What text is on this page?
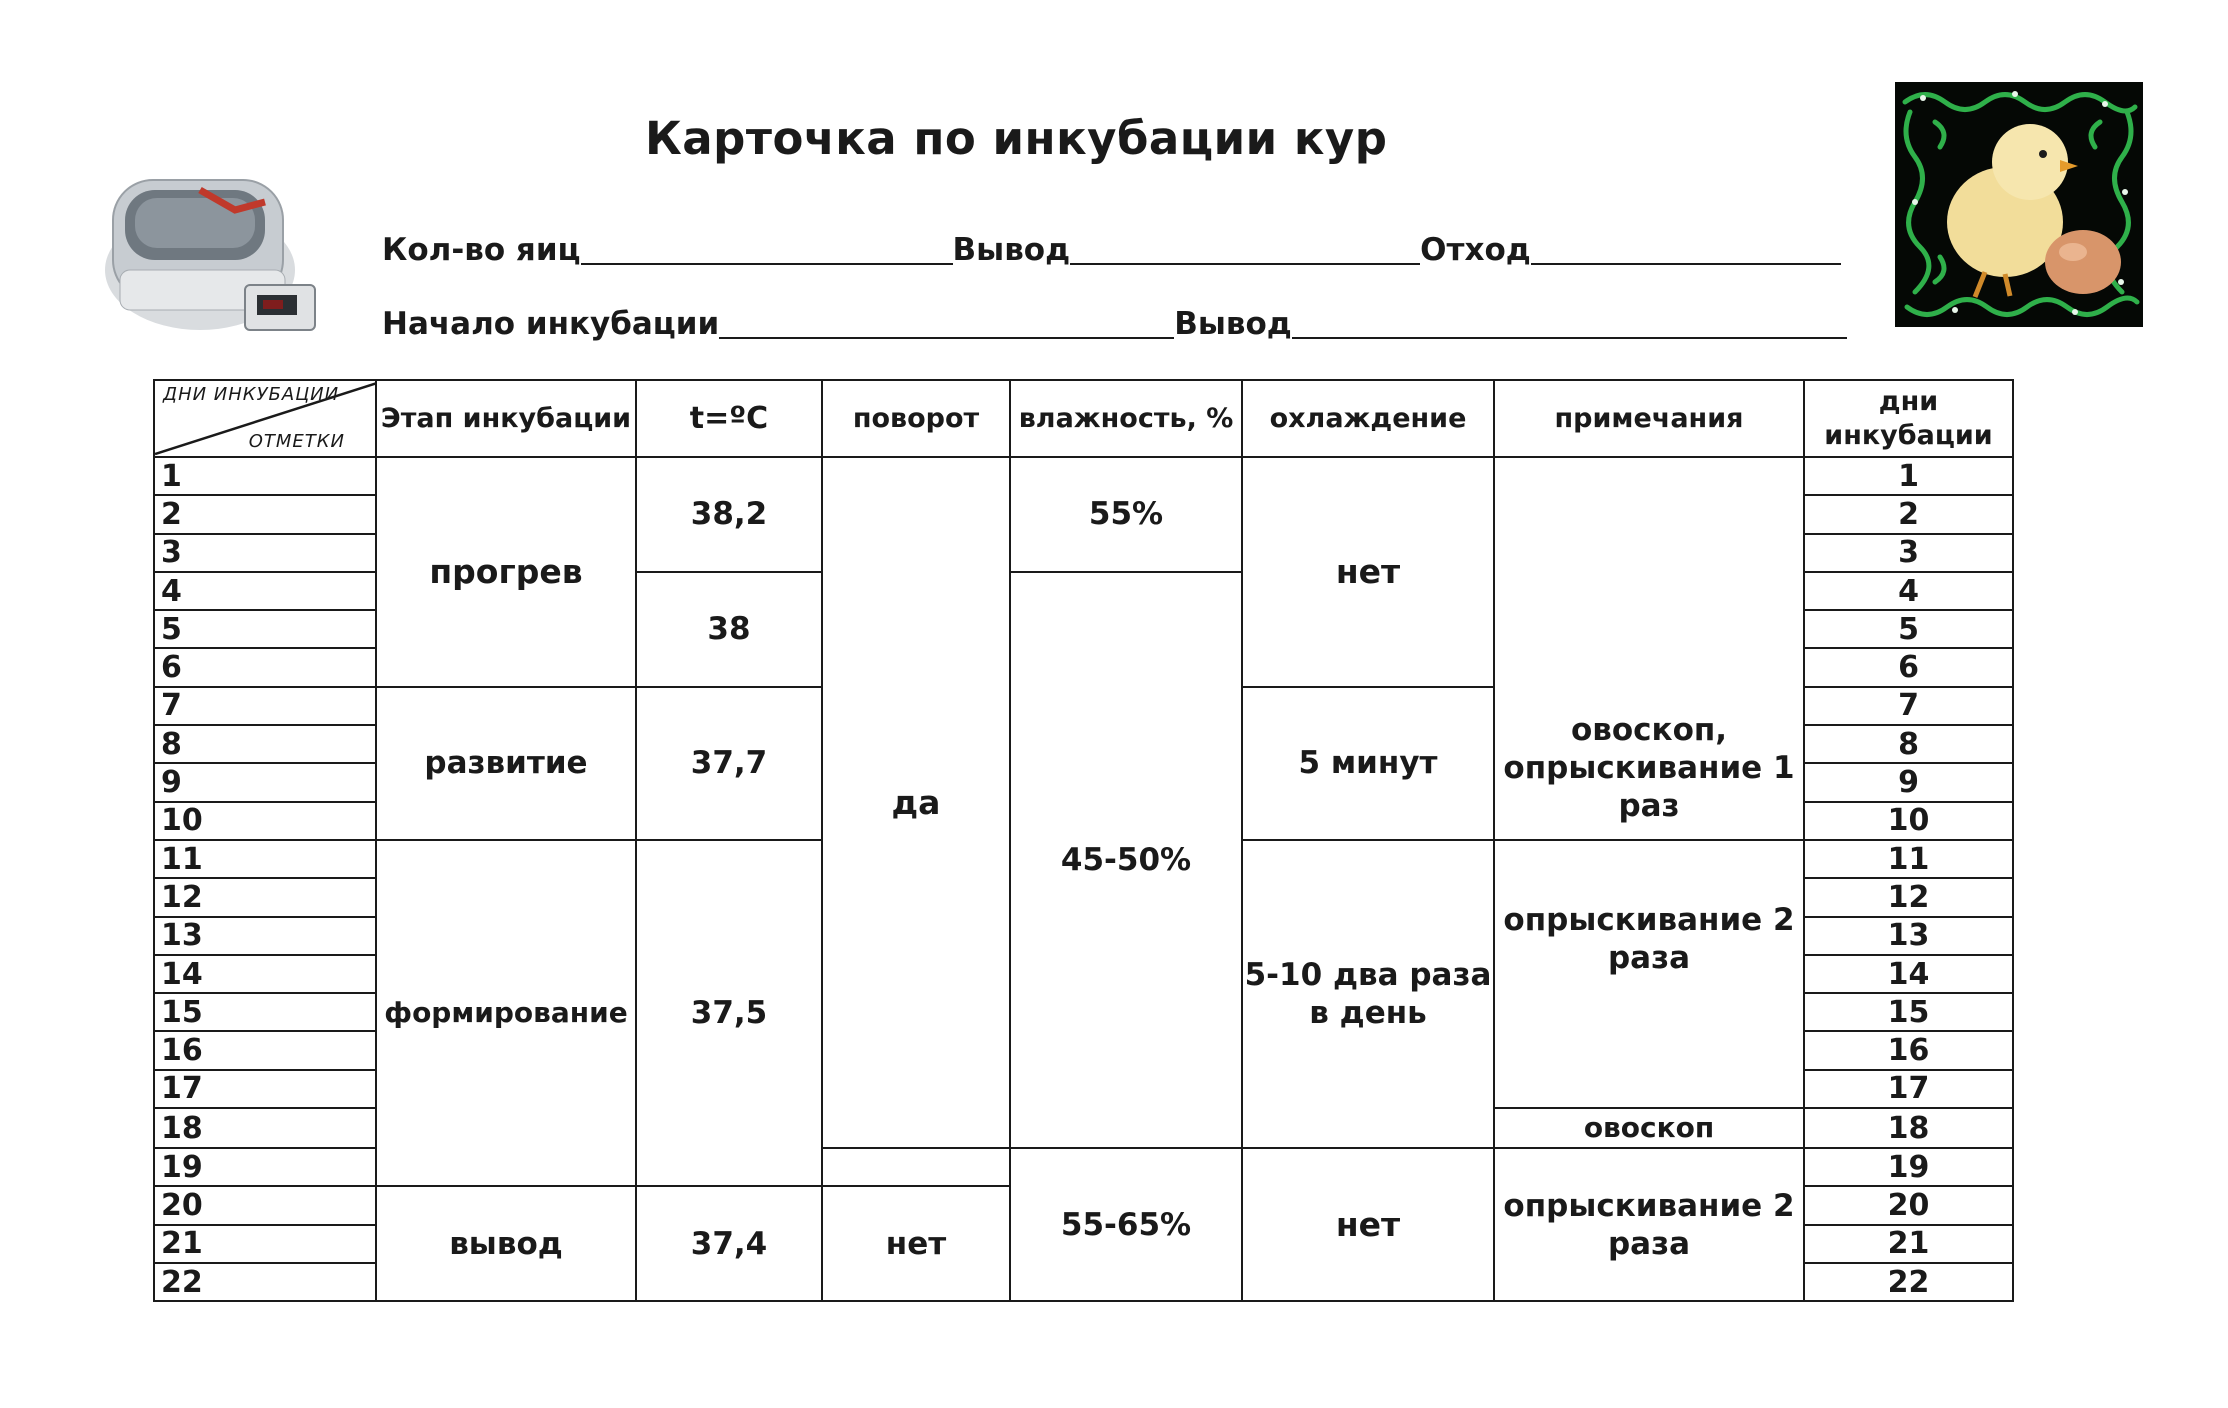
Карточка по инкубации кур
Кол-во яиц	Вывод	Отход
Начало инкубации	Вывод
ДНИ ИНКУБАЦИИ
ОТМЕТКИ	Этап инкубации	t=ºC	поворот	влажность, %	охлаждение	примечания	дни инкубации
1	прогрев	38,2	да	55%	нет	овоскоп, опрыскивание 1 раз	1
2							2
3							3
4		38		45-50%			4
5							5
6							6
7	развитие	37,7			5 минут		7
8							8
9							9
10							10
11	формирование	37,5			5-10 два раза в день	опрыскивание 2 раза	11
12							12
13							13
14							14
15							15
16							16
17							17
18						овоскоп	18
19				55-65%	нет	опрыскивание 2 раза	19
20	вывод	37,4	нет				20
21							21
22							22
